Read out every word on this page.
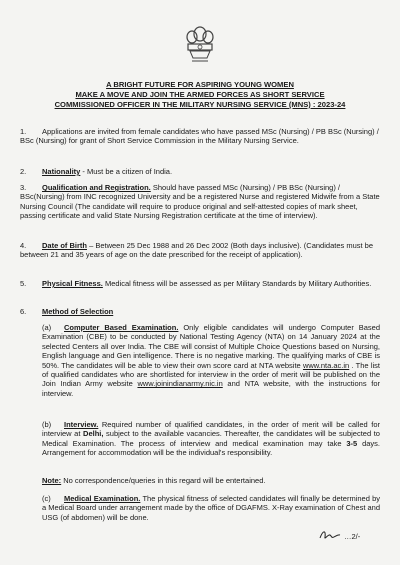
A BRIGHT FUTURE FOR ASPIRING YOUNG WOMEN
MAKE A MOVE AND JOIN THE ARMED FORCES AS SHORT SERVICE
COMMISSIONED OFFICER IN THE MILITARY NURSING SERVICE (MNS) : 2023-24
1. Applications are invited from female candidates who have passed MSc (Nursing) / PB BSc (Nursing) / BSc (Nursing) for grant of Short Service Commission in the Military Nursing Service.
2. Nationality - Must be a citizen of India.
3. Qualification and Registration. Should have passed MSc (Nursing) / PB BSc (Nursing) / BSc(Nursing) from INC recognized University and be a registered Nurse and registered Midwife from a State Nursing Council (The candidate will require to produce original and self-attested copies of mark sheet, passing certificate and valid State Nursing Registration certificate at the time of interview).
4. Date of Birth – Between 25 Dec 1988 and 26 Dec 2002 (Both days inclusive). (Candidates must be between 21 and 35 years of age on the date prescribed for the receipt of application).
5. Physical Fitness. Medical fitness will be assessed as per Military Standards by Military Authorities.
6. Method of Selection
(a) Computer Based Examination. Only eligible candidates will undergo Computer Based Examination (CBE) to be conducted by National Testing Agency (NTA) on 14 January 2024 at the selected Centers all over India. The CBE will consist of Multiple Choice Questions based on Nursing, English language and Gen intelligence. There is no negative marking. The qualifying marks of CBE is 50%. The candidates will be able to view their own score card at NTA website www.nta.ac.in . The list of qualified candidates who are shortlisted for interview in the order of merit will be published on the Join Indian Army website www.joinindianarmy.nic.in and NTA website, with the instructions for interview.
(b) Interview. Required number of qualified candidates, in the order of merit will be called for interview at Delhi, subject to the available vacancies. Thereafter, the candidates will be subjected to Medical Examination. The process of interview and medical examination may take 3-5 days. Arrangement for accommodation will be the individual's responsibility.
Note: No correspondence/queries in this regard will be entertained.
(c) Medical Examination. The physical fitness of selected candidates will finally be determined by a Medical Board under arrangement made by the office of DGAFMS. X-Ray examination of Chest and USG (of abdomen) will be done.
…2/-
